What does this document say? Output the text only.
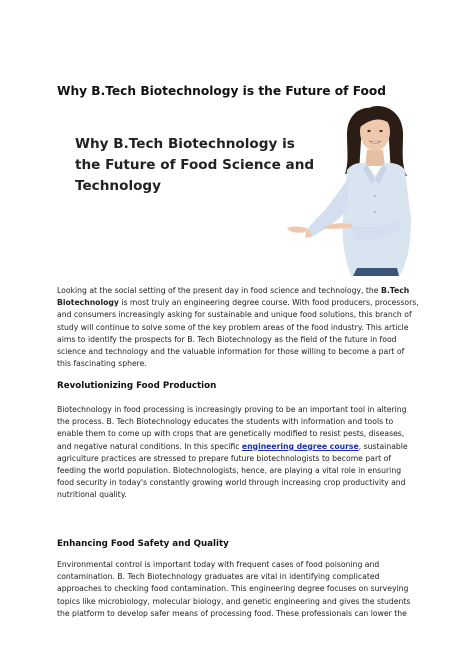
Why B.Tech Biotechnology is the Future of Food
Why B.Tech Biotechnology is the Future of Food Science and Technology

Looking at the social setting of the present day in food science and technology, the B.Tech Biotechnology is most truly an engineering degree course. With food producers, processors, and consumers increasingly asking for sustainable and unique food solutions, this branch of study will continue to solve some of the key problem areas of the food industry. This article aims to identify the prospects for B. Tech Biotechnology as the field of the future in food science and technology and the valuable information for those willing to become a part of this fascinating sphere.

Revolutionizing Food Production

Biotechnology in food processing is increasingly proving to be an important tool in altering the process. B. Tech Biotechnology educates the students with information and tools to enable them to come up with crops that are genetically modified to resist pests, diseases, and negative natural conditions. In this specific engineering degree course, sustainable agriculture practices are stressed to prepare future biotechnologists to become part of feeding the world population. Biotechnologists, hence, are playing a vital role in ensuring food security in today's constantly growing world through increasing crop productivity and nutritional quality.

Enhancing Food Safety and Quality

Environmental control is important today with frequent cases of food poisoning and contamination. B. Tech Biotechnology graduates are vital in identifying complicated approaches to checking food contamination. This engineering degree focuses on surveying topics like microbiology, molecular biology, and genetic engineering and gives the students the platform to develop safer means of processing food. These professionals can lower the
